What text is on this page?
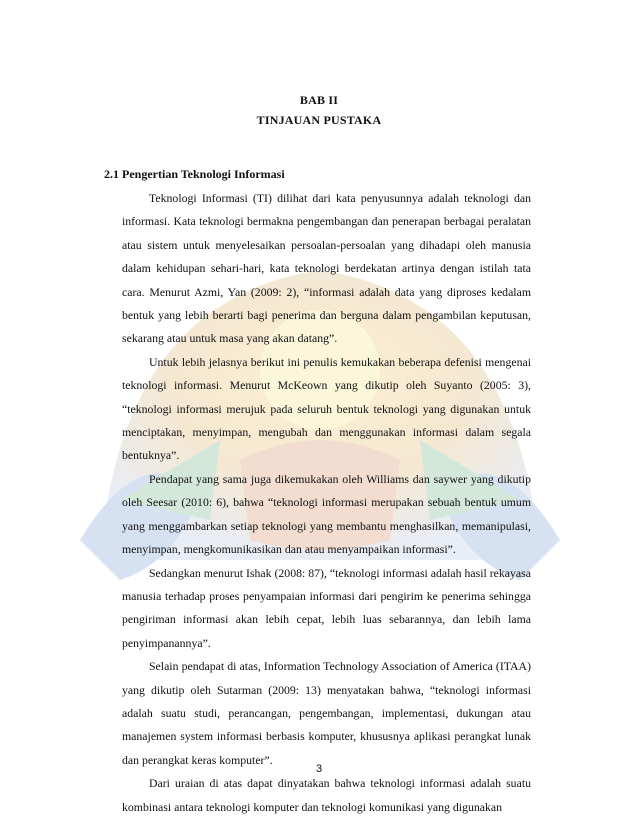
BAB II
TINJAUAN PUSTAKA
2.1 Pengertian Teknologi Informasi

Teknologi Informasi (TI) dilihat dari kata penyusunnya adalah teknologi dan informasi. Kata teknologi bermakna pengembangan dan penerapan berbagai peralatan atau sistem untuk menyelesaikan persoalan-persoalan yang dihadapi oleh manusia dalam kehidupan sehari-hari, kata teknologi berdekatan artinya dengan istilah tata cara. Menurut Azmi, Yan (2009: 2), “informasi adalah data yang diproses kedalam bentuk yang lebih berarti bagi penerima dan berguna dalam pengambilan keputusan, sekarang atau untuk masa yang akan datang”.

Untuk lebih jelasnya berikut ini penulis kemukakan beberapa defenisi mengenai teknologi informasi. Menurut McKeown yang dikutip oleh Suyanto (2005: 3), “teknologi informasi merujuk pada seluruh bentuk teknologi yang digunakan untuk menciptakan, menyimpan, mengubah dan menggunakan informasi dalam segala bentuknya”.

Pendapat yang sama juga dikemukakan oleh Williams dan saywer yang dikutip oleh Seesar (2010: 6), bahwa “teknologi informasi merupakan sebuah bentuk umum yang menggambarkan setiap teknologi yang membantu menghasilkan, memanipulasi, menyimpan, mengkomunikasikan dan atau menyampaikan informasi”.

Sedangkan menurut Ishak (2008: 87), “teknologi informasi adalah hasil rekayasa manusia terhadap proses penyampaian informasi dari pengirim ke penerima sehingga pengiriman informasi akan lebih cepat, lebih luas sebarannya, dan lebih lama penyimpanannya”.

Selain pendapat di atas, Information Technology Association of America (ITAA) yang dikutip oleh Sutarman (2009: 13) menyatakan bahwa, “teknologi informasi adalah suatu studi, perancangan, pengembangan, implementasi, dukungan atau manajemen system informasi berbasis komputer, khususnya aplikasi perangkat lunak dan perangkat keras komputer”.

Dari uraian di atas dapat dinyatakan bahwa teknologi informasi adalah suatu kombinasi antara teknologi komputer dan teknologi komunikasi yang digunakan

3
